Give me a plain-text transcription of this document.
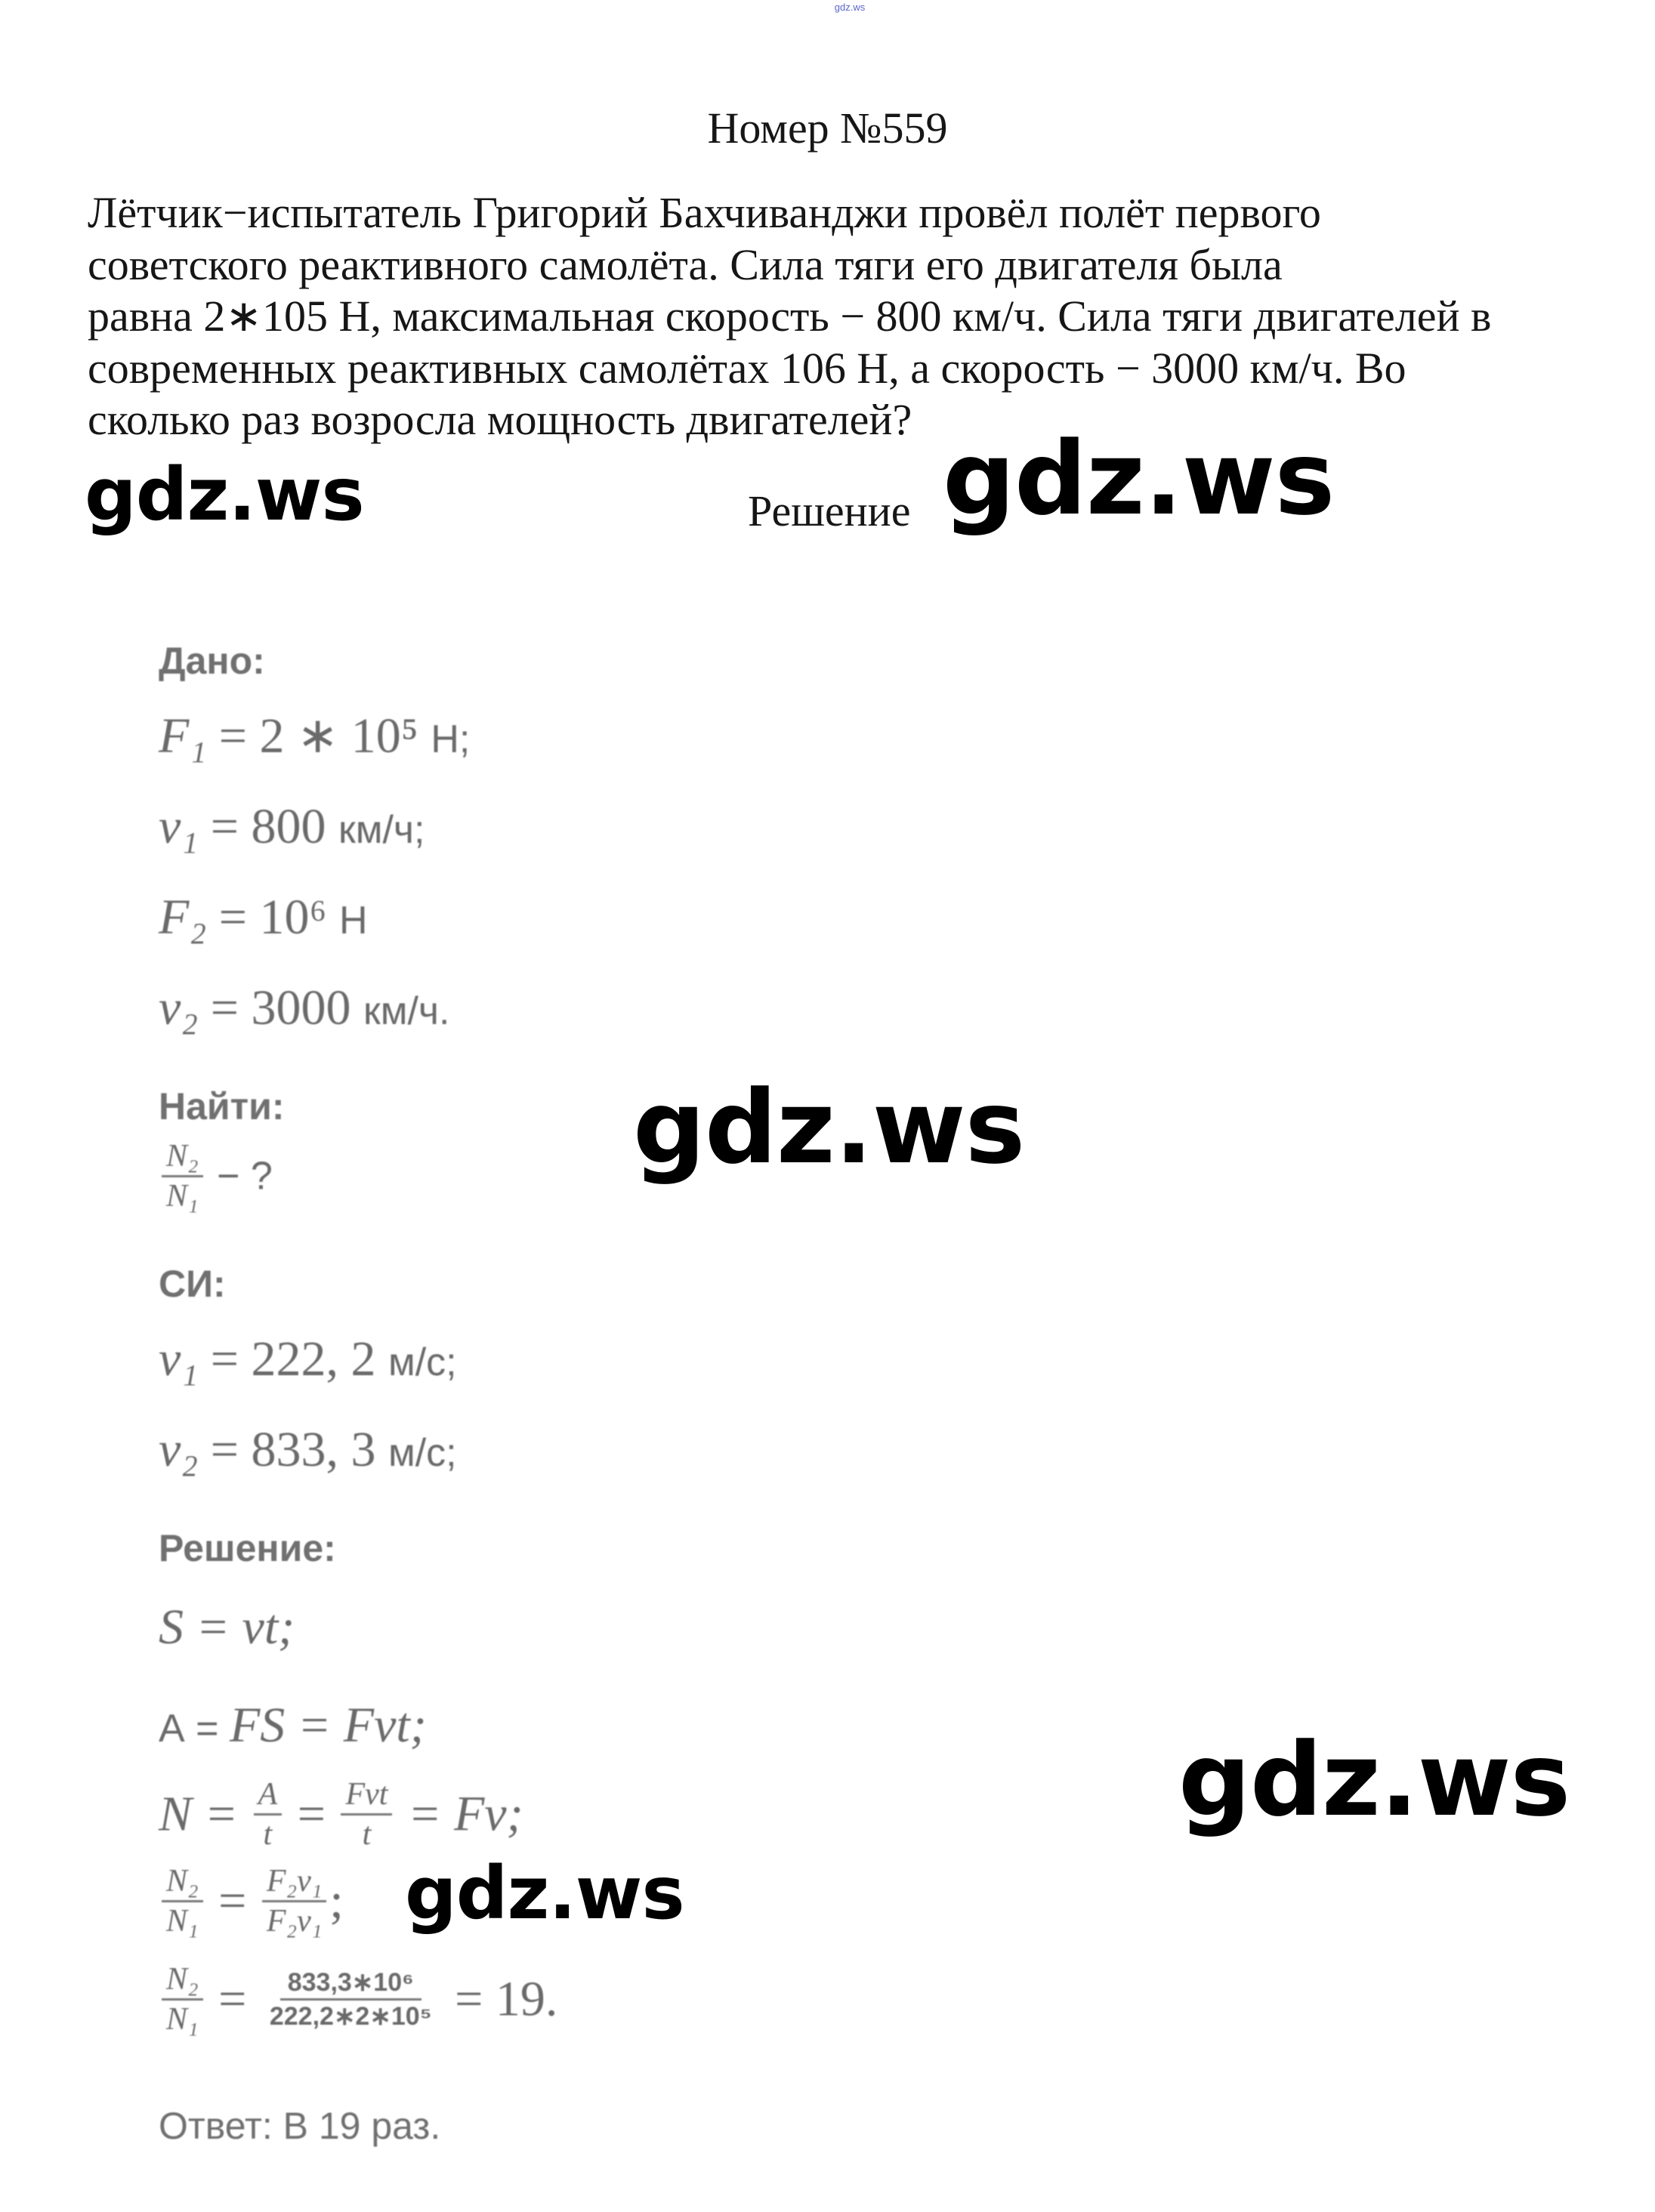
gdz.ws
Номер №559
Лётчик−испытатель Григорий Бахчиванджи провёл полёт первого
советского реактивного самолёта. Сила тяги его двигателя была
равна 2∗105 Н, максимальная скорость − 800 км/ч. Сила тяги двигателей в
современных реактивных самолётах 106 Н, а скорость − 3000 км/ч. Во
сколько раз возросла мощность двигателей?
Решение
Дано:
F₁ = 2 ∗ 10⁵ Н;
v₁ = 800 км/ч;
F₂ = 10⁶ Н
v₂ = 3000 км/ч.
Найти:
$\frac{\text{N₂}}{\text{N₁}}$ − ?
СИ:
v₁ = 222, 2 м/с;
v₂ = 833, 3 м/с;
Решение:
S = vt;
А = FS = Fvt;
$N = \frac{A}{t} = \frac{\text{Fvt}}{t} = Fv$;
$\frac{\text{N₂}}{\text{N₁}} = \frac{\text{F₂v₁}}{\text{F₂v₁}}$ ;
$\frac{\text{N₂}}{\text{N₁}} = \frac{\text{833,3∗10⁶}}{\text{222,2∗2∗10⁵}} = 19$.
Ответ: В 19 раз.
gdz.ws	gdz.ws
gdz.ws
gdz.ws
gdz.ws
